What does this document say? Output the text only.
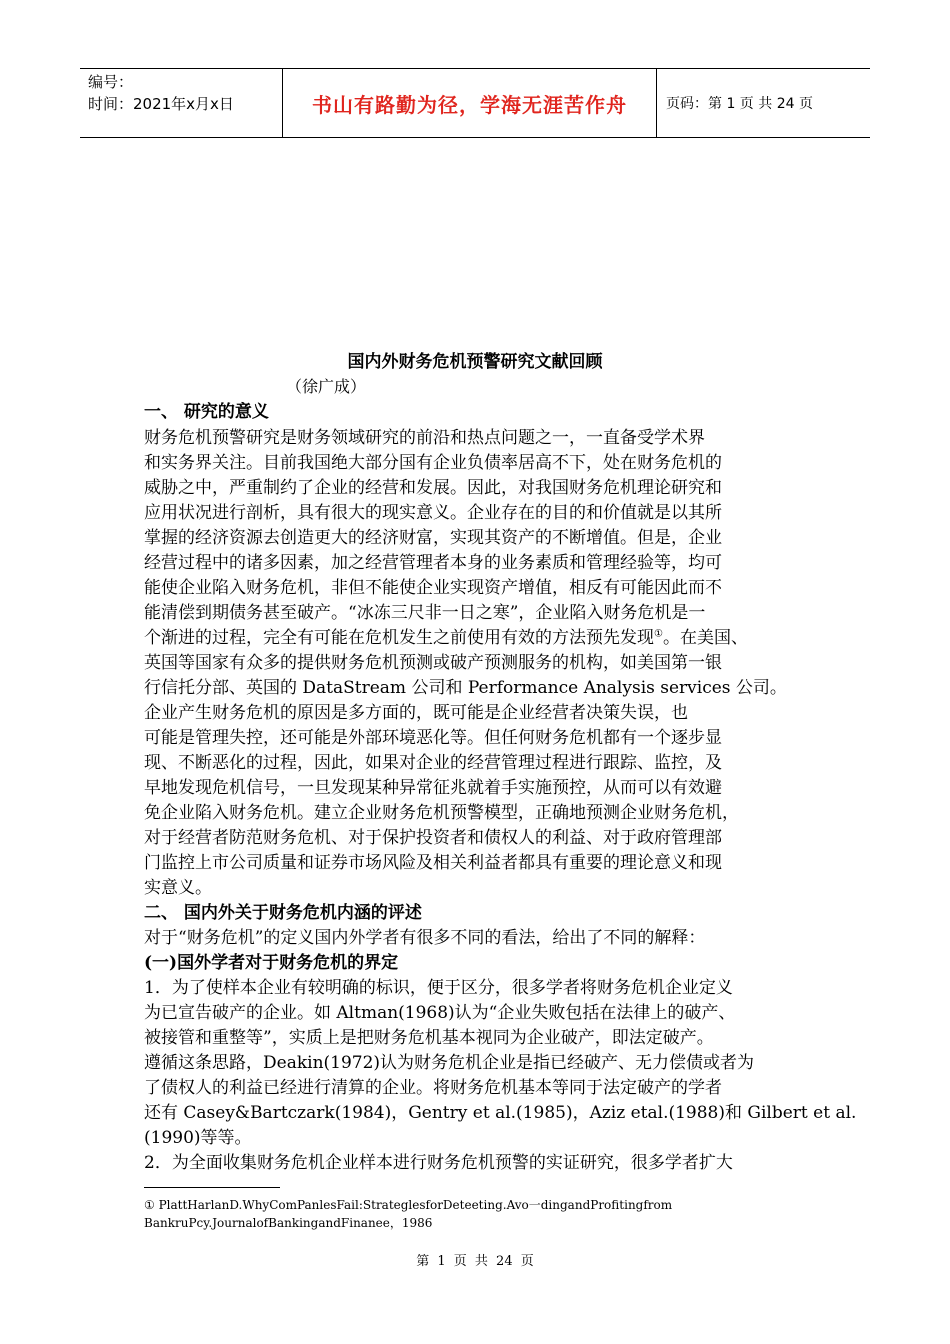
编号：
时间：2021年x月x日	书山有路勤为径，学海无涯苦作舟	页码：第 1 页 共 24 页
国内外财务危机预警研究文献回顾
（徐广成）
一、 研究的意义
财务危机预警研究是财务领域研究的前沿和热点问题之一，一直备受学术界
和实务界关注。目前我国绝大部分国有企业负债率居高不下，处在财务危机的
威胁之中，严重制约了企业的经营和发展。因此，对我国财务危机理论研究和
应用状况进行剖析，具有很大的现实意义。企业存在的目的和价值就是以其所
掌握的经济资源去创造更大的经济财富，实现其资产的不断增值。但是，企业
经营过程中的诸多因素，加之经营管理者本身的业务素质和管理经验等，均可
能使企业陷入财务危机，非但不能使企业实现资产增值，相反有可能因此而不
能清偿到期债务甚至破产。“冰冻三尺非一日之寒”，企业陷入财务危机是一
个渐进的过程，完全有可能在危机发生之前使用有效的方法预先发现①。在美国、
英国等国家有众多的提供财务危机预测或破产预测服务的机构，如美国第一银
行信托分部、英国的 DataStream 公司和 Performance Analysis services 公司。
企业产生财务危机的原因是多方面的，既可能是企业经营者决策失误，也
可能是管理失控，还可能是外部环境恶化等。但任何财务危机都有一个逐步显
现、不断恶化的过程，因此，如果对企业的经营管理过程进行跟踪、监控，及
早地发现危机信号，一旦发现某种异常征兆就着手实施预控，从而可以有效避
免企业陷入财务危机。建立企业财务危机预警模型，正确地预测企业财务危机，
对于经营者防范财务危机、对于保护投资者和债权人的利益、对于政府管理部
门监控上市公司质量和证券市场风险及相关利益者都具有重要的理论意义和现
实意义。
二、 国内外关于财务危机内涵的评述
对于“财务危机”的定义国内外学者有很多不同的看法，给出了不同的解释：
(一)国外学者对于财务危机的界定
1．为了使样本企业有较明确的标识，便于区分，很多学者将财务危机企业定义
为已宣告破产的企业。如 Altman(1968)认为“企业失败包括在法律上的破产、
被接管和重整等”，实质上是把财务危机基本视同为企业破产，即法定破产。
遵循这条思路，Deakin(1972)认为财务危机企业是指已经破产、无力偿债或者为
了债权人的利益已经进行清算的企业。将财务危机基本等同于法定破产的学者
还有 Casey&Bartczark(1984)，Gentry et al.(1985)，Aziz etal.(1988)和 Gilbert et al.
(1990)等等。
2．为全面收集财务危机企业样本进行财务危机预警的实证研究，很多学者扩大
① PlattHarlanD.WhyComPanlesFail:StrateglesforDeteeting.Avo一dingandProfitingfrom
BankruPcy.JournalofBankingandFinanee，1986
第 1 页 共 24 页
